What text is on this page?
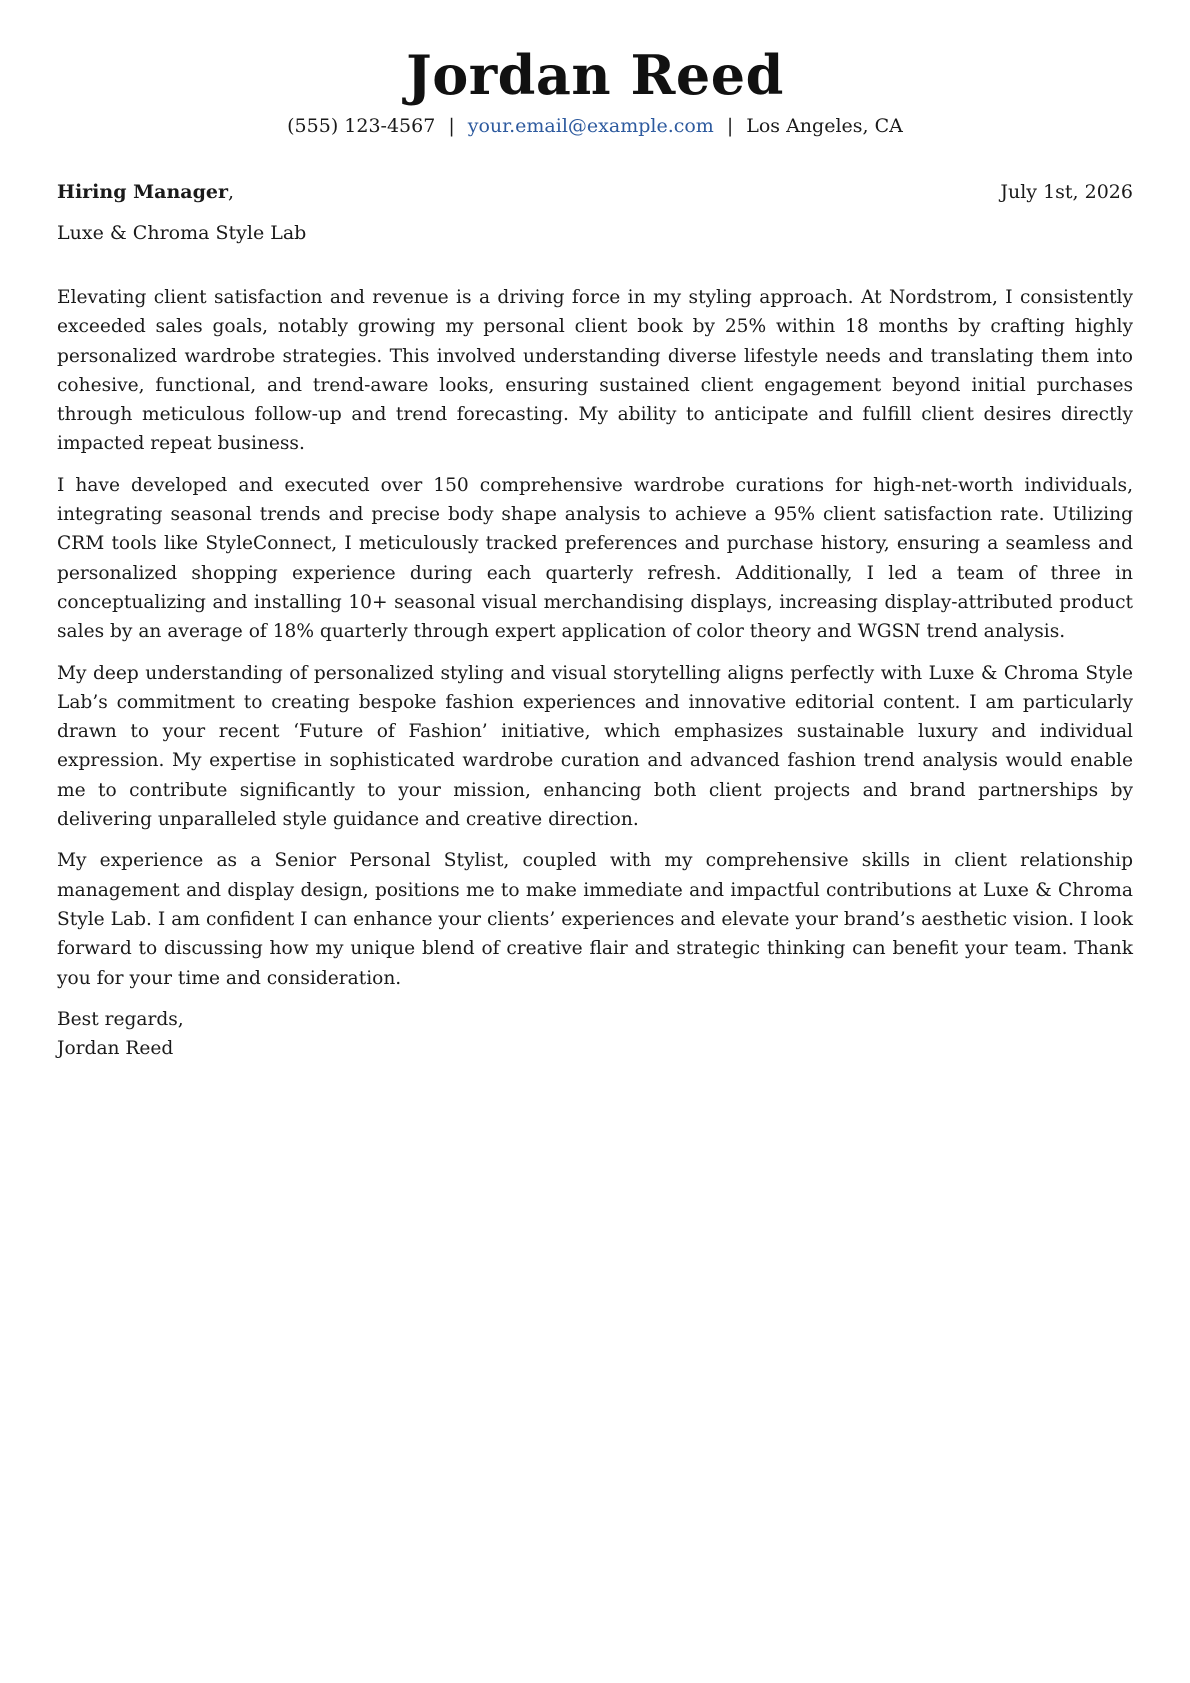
Jordan Reed
(555) 123-4567 | your.email@example.com | Los Angeles, CA
Hiring Manager,	July 1st, 2026
Luxe & Chroma Style Lab

Elevating client satisfaction and revenue is a driving force in my styling approach. At Nordstrom, I consistently exceeded sales goals, notably growing my personal client book by 25% within 18 months by crafting highly personalized wardrobe strategies. This involved understanding diverse lifestyle needs and translating them into cohesive, functional, and trend-aware looks, ensuring sustained client engagement beyond initial purchases through meticulous follow-up and trend forecasting. My ability to anticipate and fulfill client desires directly impacted repeat business.

I have developed and executed over 150 comprehensive wardrobe curations for high-net-worth individuals, integrating seasonal trends and precise body shape analysis to achieve a 95% client satisfaction rate. Utilizing CRM tools like StyleConnect, I meticulously tracked preferences and purchase history, ensuring a seamless and personalized shopping experience during each quarterly refresh. Additionally, I led a team of three in conceptualizing and installing 10+ seasonal visual merchandising displays, increasing display-attributed product sales by an average of 18% quarterly through expert application of color theory and WGSN trend analysis.

My deep understanding of personalized styling and visual storytelling aligns perfectly with Luxe & Chroma Style Lab’s commitment to creating bespoke fashion experiences and innovative editorial content. I am particularly drawn to your recent ‘Future of Fashion’ initiative, which emphasizes sustainable luxury and individual expression. My expertise in sophisticated wardrobe curation and advanced fashion trend analysis would enable me to contribute significantly to your mission, enhancing both client projects and brand partnerships by delivering unparalleled style guidance and creative direction.

My experience as a Senior Personal Stylist, coupled with my comprehensive skills in client relationship management and display design, positions me to make immediate and impactful contributions at Luxe & Chroma Style Lab. I am confident I can enhance your clients’ experiences and elevate your brand’s aesthetic vision. I look forward to discussing how my unique blend of creative flair and strategic thinking can benefit your team. Thank you for your time and consideration.

Best regards,
Jordan Reed
